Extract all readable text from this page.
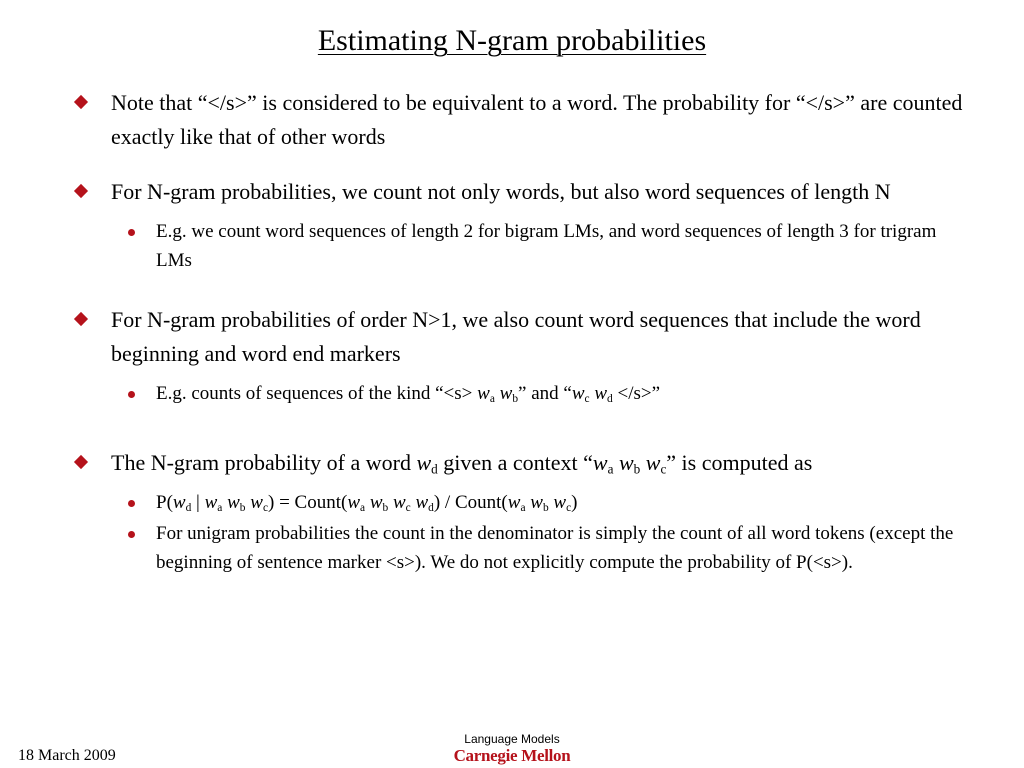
Estimating N-gram probabilities
Note that “</s>” is considered to be equivalent to a word. The probability for “</s>” are counted exactly like that of other words
For N-gram probabilities, we count not only words, but also word sequences of length N
E.g. we count word sequences of length 2 for bigram LMs, and word sequences of length 3 for trigram LMs
For N-gram probabilities of order N>1, we also count word sequences that include the word beginning and word end markers
E.g. counts of sequences of the kind “$<s> w_a$ $w_b$” and “$w_c$ $w_d </s>$”
The N-gram probability of a word $w_d$ given a context “$w_a$ $w_b$ $w_c$” is computed as
$P(w_d$ | $w_a$ $w_b$ $w_c$) = $Count(w_a$ $w_b$ $w_c$ $w_d$) / $Count(w_a$ $w_b$ $w_c$)
For unigram probabilities the count in the denominator is simply the count of all word tokens (except the beginning of sentence marker <s>). We do not explicitly compute the probability of P(<s>).
18 March 2009
Language Models
Carnegie Mellon
